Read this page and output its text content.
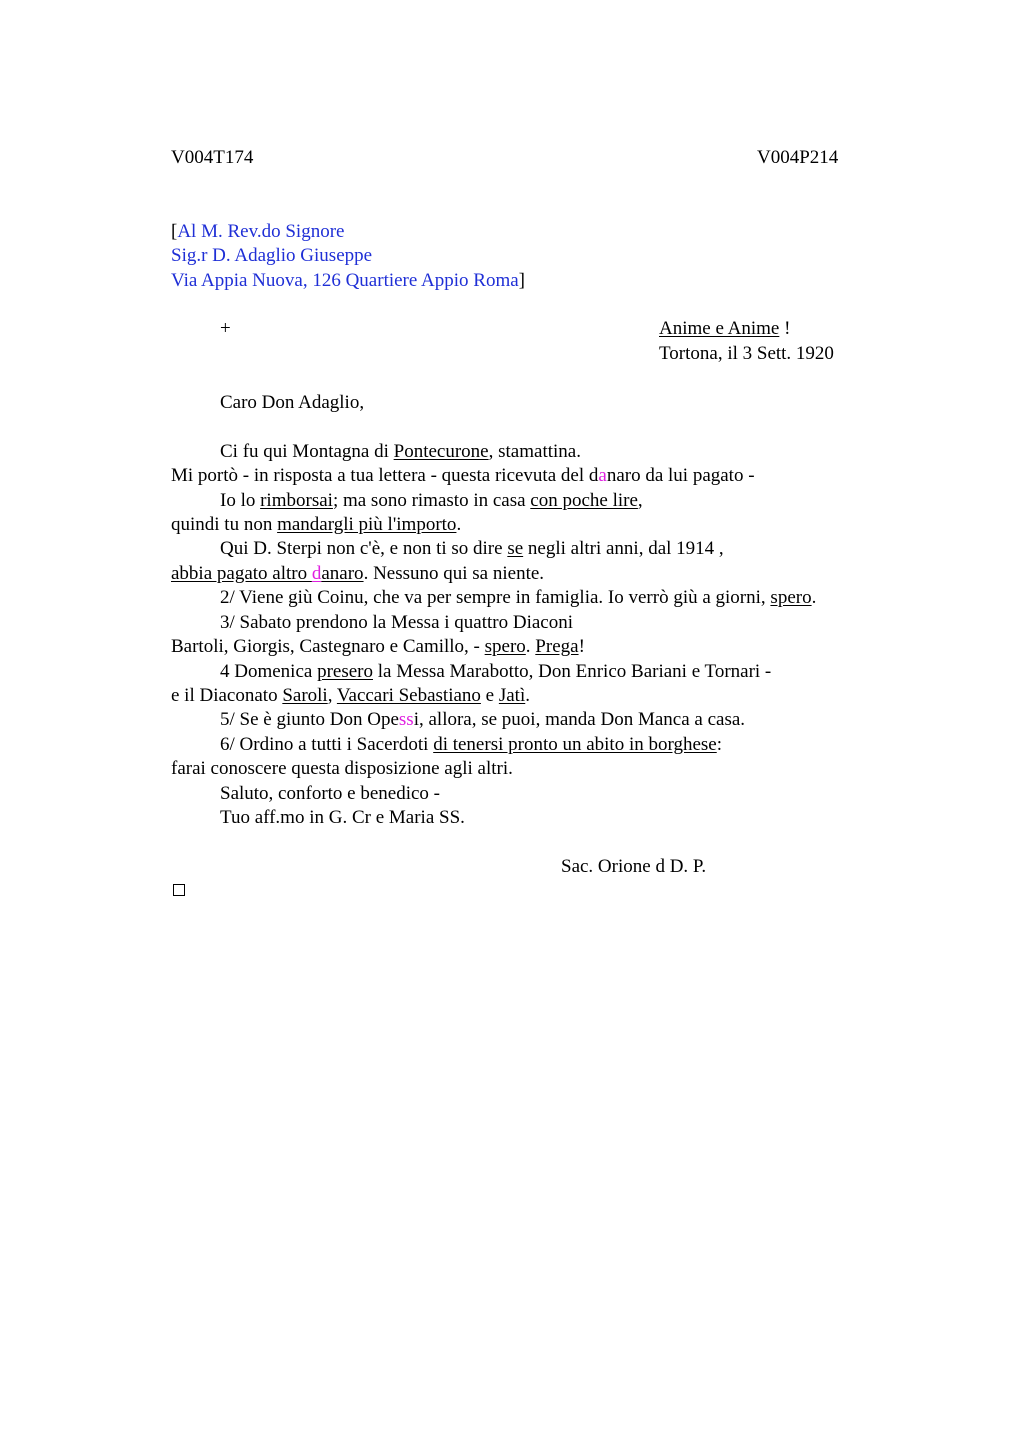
V004T174	V004P214
[Al M. Rev.do Signore
Sig.r D. Adaglio Giuseppe
Via Appia Nuova, 126 Quartiere Appio Roma]
+	Anime e Anime !
Tortona, il 3 Sett. 1920
Caro Don Adaglio,
Ci fu qui Montagna di Pontecurone, stamattina.
Mi portò - in risposta a tua lettera - questa ricevuta del danaro da lui pagato -
Io lo rimborsai; ma sono rimasto in casa con poche lire,
quindi tu non mandargli più l'importo.
Qui D. Sterpi non c'è, e non ti so dire se negli altri anni, dal 1914 ,
abbia pagato altro danaro. Nessuno qui sa niente.
2/ Viene giù Coinu, che va per sempre in famiglia. Io verrò giù a giorni, spero.
3/ Sabato prendono la Messa i quattro Diaconi
Bartoli, Giorgis, Castegnaro e Camillo, - spero. Prega!
4 Domenica presero la Messa Marabotto, Don Enrico Bariani e Tornari -
e il Diaconato Saroli, Vaccari Sebastiano e Jatì.
5/ Se è giunto Don Opessi, allora, se puoi, manda Don Manca a casa.
6/ Ordino a tutti i Sacerdoti di tenersi pronto un abito in borghese:
farai conoscere questa disposizione agli altri.
Saluto, conforto e benedico -
Tuo aff.mo in G. Cr e Maria SS.
Sac. Orione d D. P.
